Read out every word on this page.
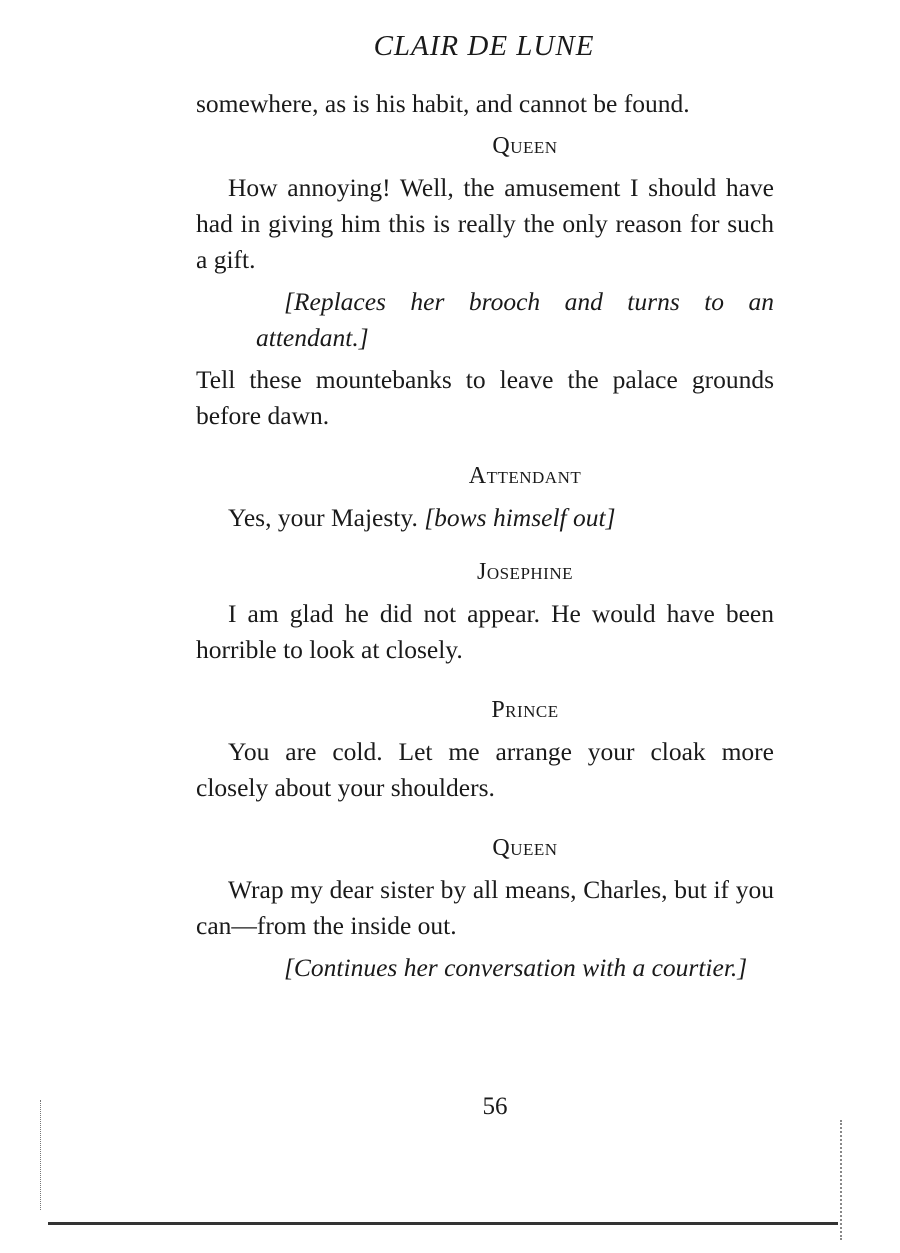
CLAIR DE LUNE

somewhere, as is his habit, and cannot be found.

Queen

How annoying! Well, the amusement I should have had in giving him this is really the only reason for such a gift.

[Replaces her brooch and turns to an attendant.]

Tell these mountebanks to leave the palace grounds before dawn.

Attendant

Yes, your Majesty. [bows himself out]

Josephine

I am glad he did not appear. He would have been horrible to look at closely.

Prince

You are cold. Let me arrange your cloak more closely about your shoulders.

Queen

Wrap my dear sister by all means, Charles, but if you can—from the inside out.

[Continues her conversation with a courtier.]

56
